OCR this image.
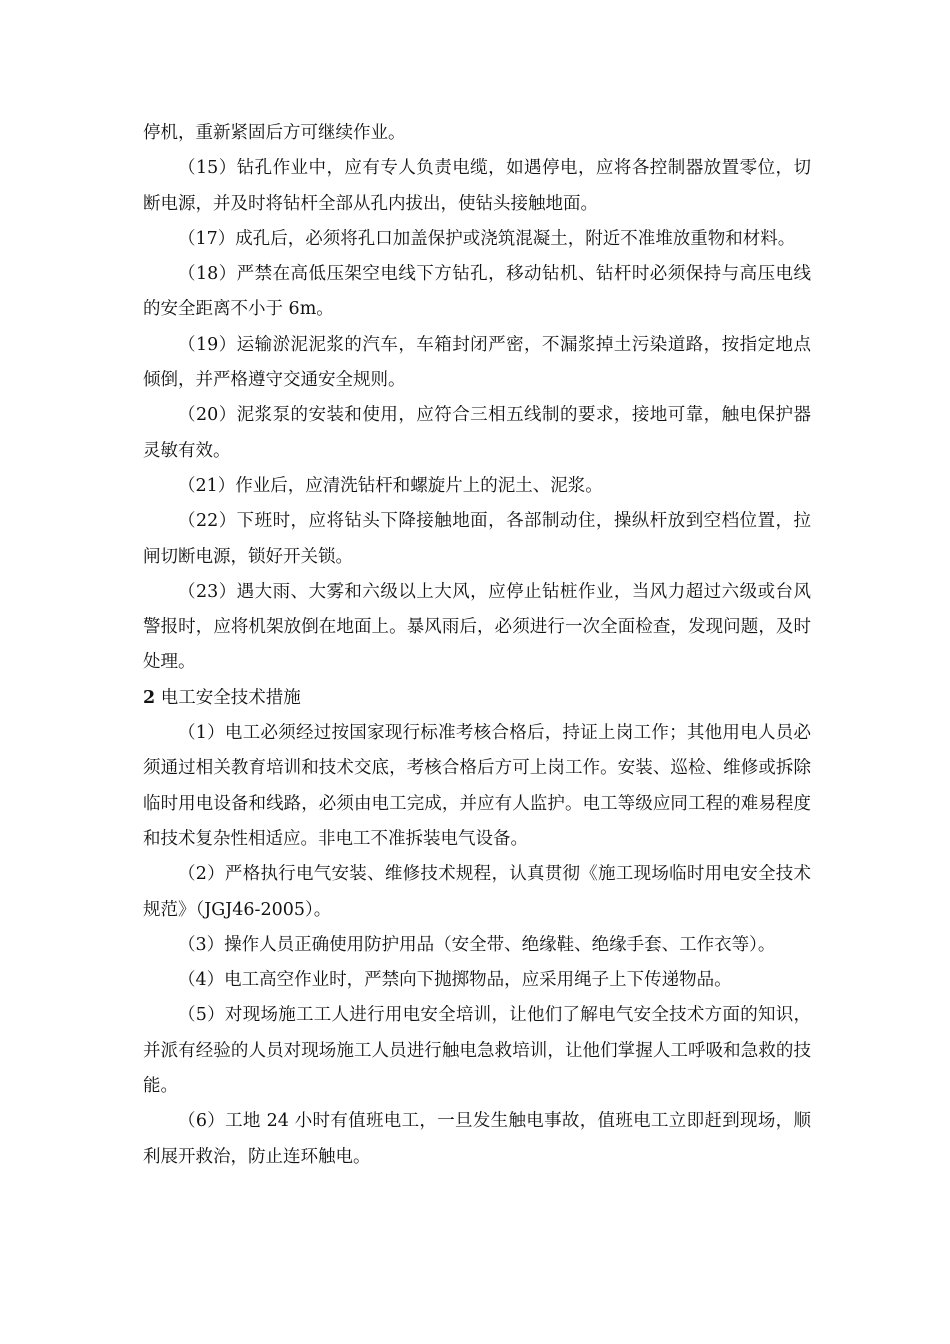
停机，重新紧固后方可继续作业。

（15）钻孔作业中，应有专人负责电缆，如遇停电，应将各控制器放置零位，切断电源，并及时将钻杆全部从孔内拔出，使钻头接触地面。

（17）成孔后，必须将孔口加盖保护或浇筑混凝土，附近不准堆放重物和材料。

（18）严禁在高低压架空电线下方钻孔，移动钻机、钻杆时必须保持与高压电线的安全距离不小于 6m。

（19）运输淤泥泥浆的汽车，车箱封闭严密，不漏浆掉土污染道路，按指定地点倾倒，并严格遵守交通安全规则。

（20）泥浆泵的安装和使用，应符合三相五线制的要求，接地可靠，触电保护器灵敏有效。

（21）作业后，应清洗钻杆和螺旋片上的泥土、泥浆。

（22）下班时，应将钻头下降接触地面，各部制动住，操纵杆放到空档位置，拉闸切断电源，锁好开关锁。

（23）遇大雨、大雾和六级以上大风，应停止钻桩作业，当风力超过六级或台风警报时，应将机架放倒在地面上。暴风雨后，必须进行一次全面检查，发现问题，及时处理。

2 电工安全技术措施

（1）电工必须经过按国家现行标准考核合格后，持证上岗工作；其他用电人员必须通过相关教育培训和技术交底，考核合格后方可上岗工作。安装、巡检、维修或拆除临时用电设备和线路，必须由电工完成，并应有人监护。电工等级应同工程的难易程度和技术复杂性相适应。非电工不准拆装电气设备。

（2）严格执行电气安装、维修技术规程，认真贯彻《施工现场临时用电安全技术规范》（JGJ46-2005）。

（3）操作人员正确使用防护用品（安全带、绝缘鞋、绝缘手套、工作衣等）。

（4）电工高空作业时，严禁向下抛掷物品，应采用绳子上下传递物品。

（5）对现场施工工人进行用电安全培训，让他们了解电气安全技术方面的知识，并派有经验的人员对现场施工人员进行触电急救培训，让他们掌握人工呼吸和急救的技能。

（6）工地 24 小时有值班电工，一旦发生触电事故，值班电工立即赶到现场，顺利展开救治，防止连环触电。
